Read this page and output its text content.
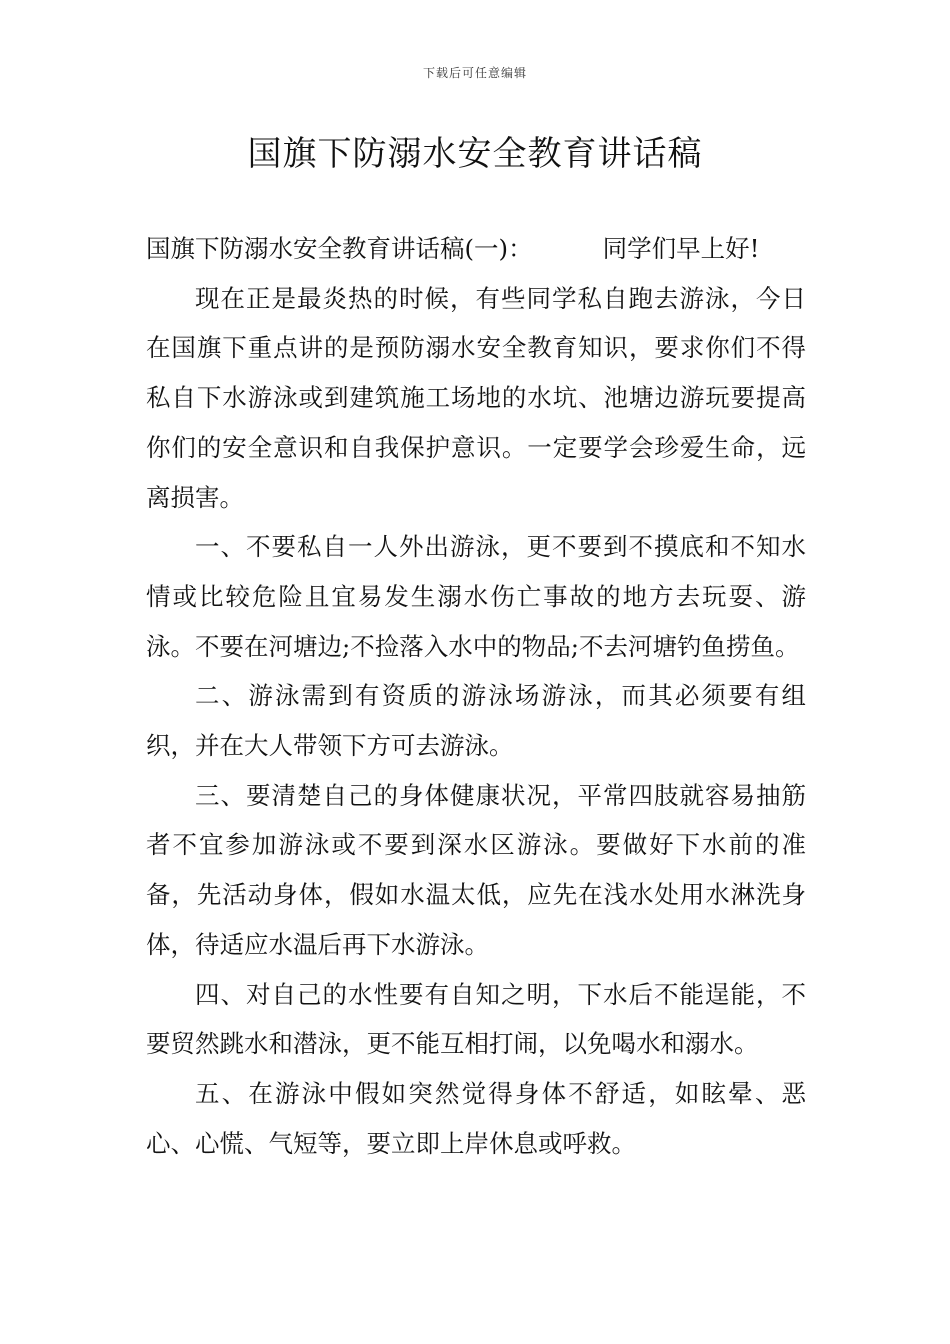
下载后可任意编辑
国旗下防溺水安全教育讲话稿

国旗下防溺水安全教育讲话稿(一)：	同学们早上好!

现在正是最炎热的时候，有些同学私自跑去游泳，今日在国旗下重点讲的是预防溺水安全教育知识，要求你们不得私自下水游泳或到建筑施工场地的水坑、池塘边游玩要提高你们的安全意识和自我保护意识。一定要学会珍爱生命，远离损害。

一、不要私自一人外出游泳，更不要到不摸底和不知水情或比较危险且宜易发生溺水伤亡事故的地方去玩耍、游泳。不要在河塘边;不捡落入水中的物品;不去河塘钓鱼捞鱼。

二、游泳需到有资质的游泳场游泳，而其必须要有组织，并在大人带领下方可去游泳。

三、要清楚自己的身体健康状况，平常四肢就容易抽筋者不宜参加游泳或不要到深水区游泳。要做好下水前的准备，先活动身体，假如水温太低，应先在浅水处用水淋洗身体，待适应水温后再下水游泳。

四、对自己的水性要有自知之明，下水后不能逞能，不要贸然跳水和潜泳，更不能互相打闹，以免喝水和溺水。

五、在游泳中假如突然觉得身体不舒适，如眩晕、恶心、心慌、气短等，要立即上岸休息或呼救。
